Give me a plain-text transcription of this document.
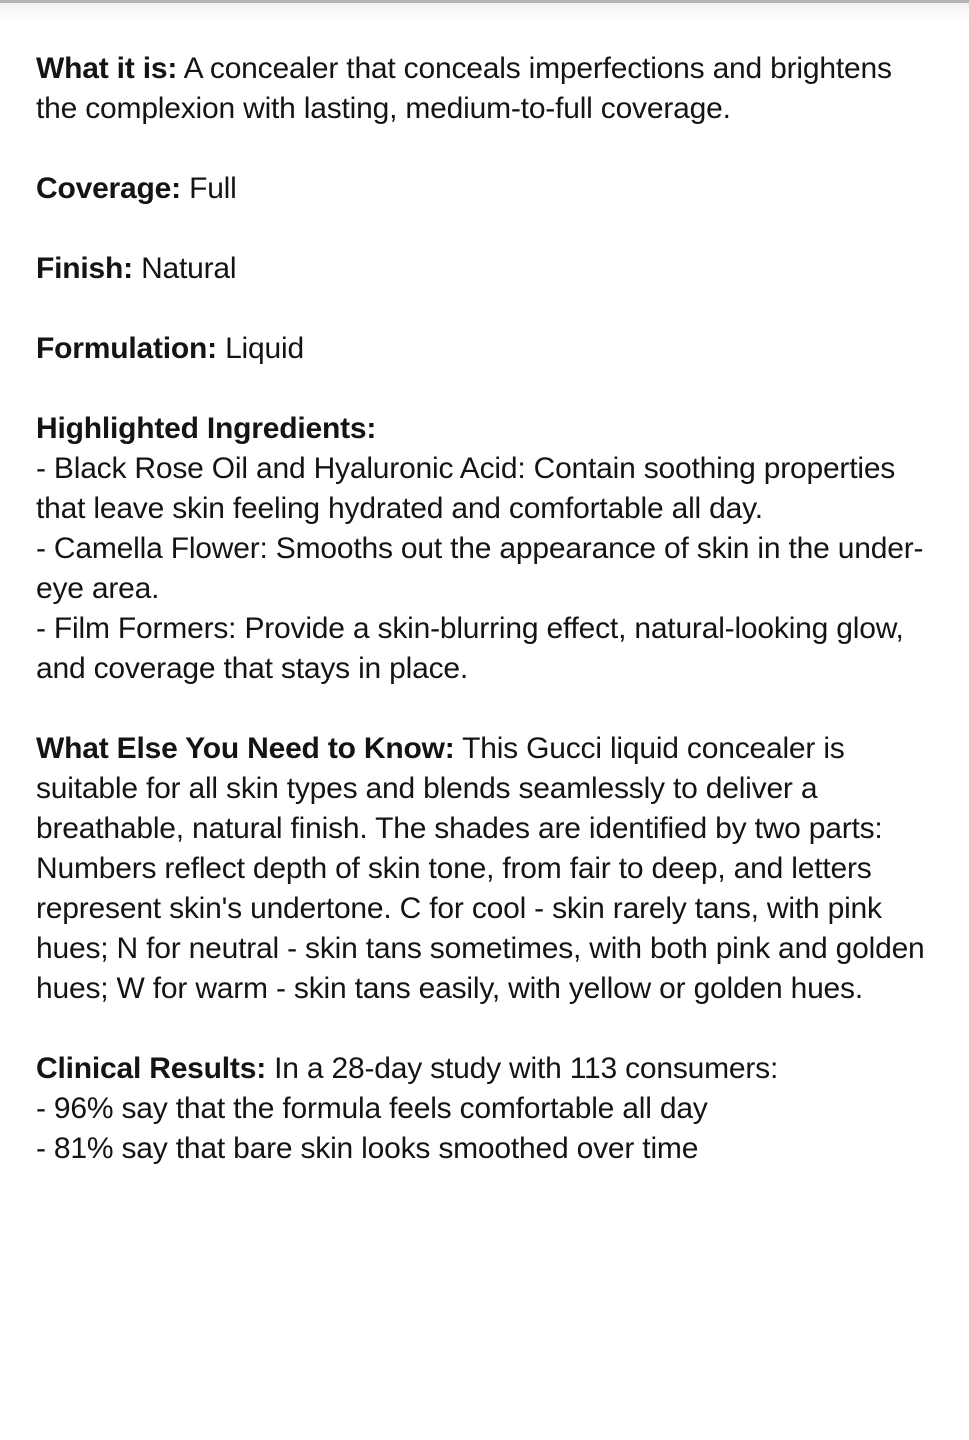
What it is: A concealer that conceals imperfections and brightens the complexion with lasting, medium-to-full coverage.

Coverage: Full

Finish: Natural

Formulation: Liquid

Highlighted Ingredients:
- Black Rose Oil and Hyaluronic Acid: Contain soothing properties that leave skin feeling hydrated and comfortable all day.
- Camella Flower: Smooths out the appearance of skin in the under-eye area.
- Film Formers: Provide a skin-blurring effect, natural-looking glow, and coverage that stays in place.

What Else You Need to Know: This Gucci liquid concealer is suitable for all skin types and blends seamlessly to deliver a breathable, natural finish. The shades are identified by two parts: Numbers reflect depth of skin tone, from fair to deep, and letters represent skin's undertone. C for cool - skin rarely tans, with pink hues; N for neutral - skin tans sometimes, with both pink and golden hues; W for warm - skin tans easily, with yellow or golden hues.

Clinical Results: In a 28-day study with 113 consumers:
- 96% say that the formula feels comfortable all day
- 81% say that bare skin looks smoothed over time
